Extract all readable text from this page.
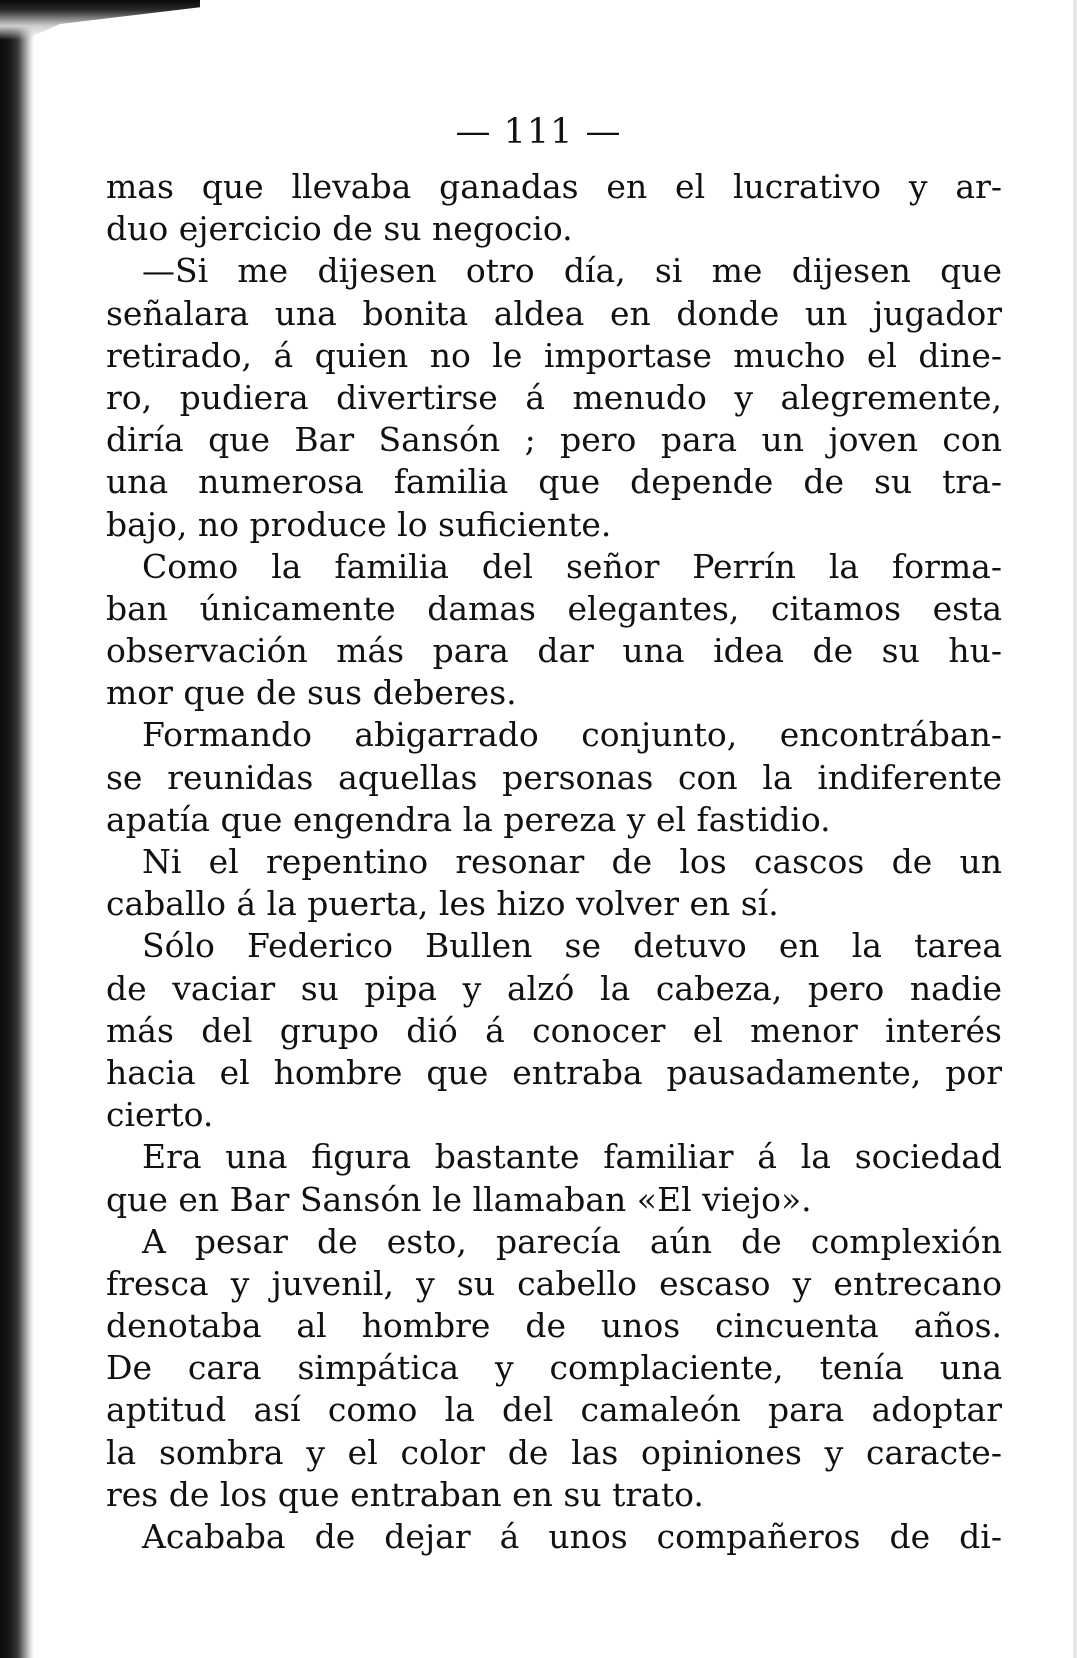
— 111 —
mas que llevaba ganadas en el lucrativo y ar-
duo ejercicio de su negocio.
—Si me dijesen otro día, si me dijesen que
señalara una bonita aldea en donde un jugador
retirado, á quien no le importase mucho el dine-
ro, pudiera divertirse á menudo y alegremente,
diría que Bar Sansón ; pero para un joven con
una numerosa familia que depende de su tra-
bajo, no produce lo suficiente.
Como la familia del señor Perrín la forma-
ban únicamente damas elegantes, citamos esta
observación más para dar una idea de su hu-
mor que de sus deberes.
Formando abigarrado conjunto, encontrában-
se reunidas aquellas personas con la indiferente
apatía que engendra la pereza y el fastidio.
Ni el repentino resonar de los cascos de un
caballo á la puerta, les hizo volver en sí.
Sólo Federico Bullen se detuvo en la tarea
de vaciar su pipa y alzó la cabeza, pero nadie
más del grupo dió á conocer el menor interés
hacia el hombre que entraba pausadamente, por
cierto.
Era una figura bastante familiar á la sociedad
que en Bar Sansón le llamaban «El viejo».
A pesar de esto, parecía aún de complexión
fresca y juvenil, y su cabello escaso y entrecano
denotaba al hombre de unos cincuenta años.
De cara simpática y complaciente, tenía una
aptitud así como la del camaleón para adoptar
la sombra y el color de las opiniones y caracte-
res de los que entraban en su trato.
Acababa de dejar á unos compañeros de di-
